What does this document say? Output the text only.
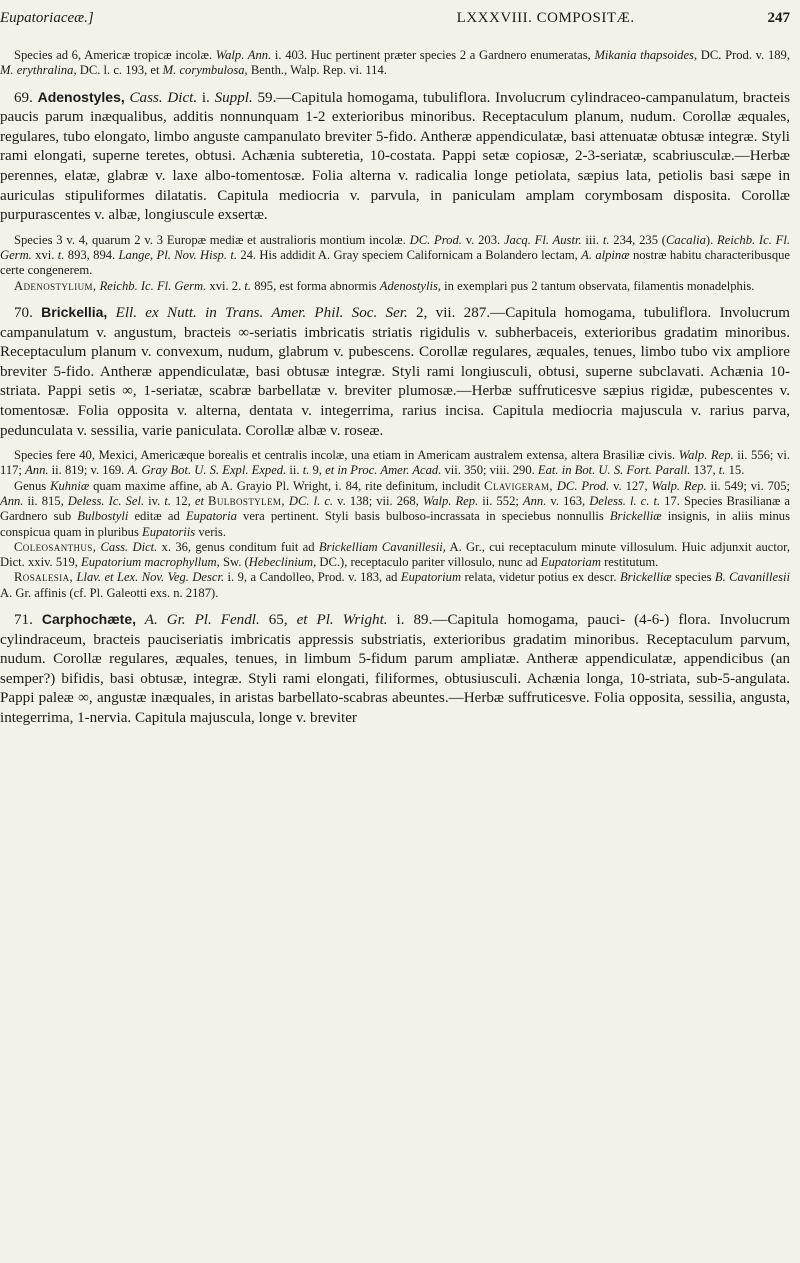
Eupatoriaceæ.]	LXXXVIII. COMPOSITÆ.	247

Species ad 6, Americæ tropicæ incolæ. Walp. Ann. i. 403. Huc pertinent præter species 2 a Gardnero enumeratas, Mikania thapsoides, DC. Prod. v. 189, M. erythralina, DC. l. c. 193, et M. corymbulosa, Benth., Walp. Rep. vi. 114.

69. Adenostyles, Cass. Dict. i. Suppl. 59.—Capitula homogama, tubuliflora. Involucrum cylindraceo-campanulatum, bracteis paucis parum inæqualibus, additis nonnunquam 1-2 exterioribus minoribus. Receptaculum planum, nudum. Corollæ æquales, regulares, tubo elongato, limbo anguste campanulato breviter 5-fido. Antheræ appendiculatæ, basi attenuatæ obtusæ integræ. Styli rami elongati, superne teretes, obtusi. Achænia subteretia, 10-costata. Pappi setæ copiosæ, 2-3-seriatæ, scabriusculæ.—Herbæ perennes, elatæ, glabræ v. laxe albo-tomentosæ. Folia alterna v. radicalia longe petiolata, sæpius lata, petiolis basi sæpe in auriculas stipuliformes dilatatis. Capitula mediocria v. parvula, in paniculam amplam corymbosam disposita. Corollæ purpurascentes v. albæ, longiuscule exsertæ.

Species 3 v. 4, quarum 2 v. 3 Europæ mediæ et australioris montium incolæ. DC. Prod. v. 203. Jacq. Fl. Austr. iii. t. 234, 235 (Cacalia). Reichb. Ic. Fl. Germ. xvi. t. 893, 894. Lange, Pl. Nov. Hisp. t. 24. His addidit A. Gray speciem Californicam a Bolandero lectam, A. alpinæ nostræ habitu characteribusque certe congenerem.

Adenostylium, Reichb. Ic. Fl. Germ. xvi. 2. t. 895, est forma abnormis Adenostylis, in exemplari pus 2 tantum observata, filamentis monadelphis.

70. Brickellia, Ell. ex Nutt. in Trans. Amer. Phil. Soc. Ser. 2, vii. 287.—Capitula homogama, tubuliflora. Involucrum campanulatum v. angustum, bracteis ∞-seriatis imbricatis striatis rigidulis v. subherbaceis, exterioribus gradatim minoribus. Receptaculum planum v. convexum, nudum, glabrum v. pubescens. Corollæ regulares, æquales, tenues, limbo tubo vix ampliore breviter 5-fido. Antheræ appendiculatæ, basi obtusæ integræ. Styli rami longiusculi, obtusi, superne subclavati. Achænia 10-striata. Pappi setis ∞, 1-seriatæ, scabræ barbellatæ v. breviter plumosæ.—Herbæ suffruticesve sæpius rigidæ, pubescentes v. tomentosæ. Folia opposita v. alterna, dentata v. integerrima, rarius incisa. Capitula mediocria majuscula v. rarius parva, pedunculata v. sessilia, varie paniculata. Corollæ albæ v. roseæ.

Species fere 40, Mexici, Americæque borealis et centralis incolæ, una etiam in Americam australem extensa, altera Brasiliæ civis. Walp. Rep. ii. 556; vi. 117; Ann. ii. 819; v. 169. A. Gray Bot. U. S. Expl. Exped. ii. t. 9, et in Proc. Amer. Acad. vii. 350; viii. 290. Eat. in Bot. U. S. Fort. Parall. 137, t. 15.

Genus Kuhniæ quam maxime affine, ab A. Grayio Pl. Wright, i. 84, rite definitum, includit Clavigeram, DC. Prod. v. 127, Walp. Rep. ii. 549; vi. 705; Ann. ii. 815, Deless. Ic. Sel. iv. t. 12, et Bulbostylem, DC. l. c. v. 138; vii. 268, Walp. Rep. ii. 552; Ann. v. 163, Deless. l. c. t. 17. Species Brasilianæ a Gardnero sub Bulbostyli editæ ad Eupatoria vera pertinent. Styli basis bulboso-incrassata in speciebus nonnullis Brickelliæ insignis, in aliis minus conspicua quam in pluribus Eupatoriis veris.

Coleosanthus, Cass. Dict. x. 36, genus conditum fuit ad Brickelliam Cavanillesii, A. Gr., cui receptaculum minute villosulum. Huic adjunxit auctor, Dict. xxiv. 519, Eupatorium macrophyllum, Sw. (Hebeclinium, DC.), receptaculo pariter villosulo, nunc ad Eupatoriam restitutum.

Rosalesia, Llav. et Lex. Nov. Veg. Descr. i. 9, a Candolleo, Prod. v. 183, ad Eupatorium relata, videtur potius ex descr. Brickelliæ species B. Cavanillesii A. Gr. affinis (cf. Pl. Galeotti exs. n. 2187).

71. Carphochæte, A. Gr. Pl. Fendl. 65, et Pl. Wright. i. 89.—Capitula homogama, pauci- (4-6-) flora. Involucrum cylindraceum, bracteis pauciseriatis imbricatis appressis substriatis, exterioribus gradatim minoribus. Receptaculum parvum, nudum. Corollæ regulares, æquales, tenues, in limbum 5-fidum parum ampliatæ. Antheræ appendiculatæ, appendicibus (an semper?) bifidis, basi obtusæ, integræ. Styli rami elongati, filiformes, obtusiusculi. Achænia longa, 10-striata, sub-5-angulata. Pappi paleæ ∞, angustæ inæquales, in aristas barbellato-scabras abeuntes.—Herbæ suffruticesve. Folia opposita, sessilia, angusta, integerrima, 1-nervia. Capitula majuscula, longe v. breviter
